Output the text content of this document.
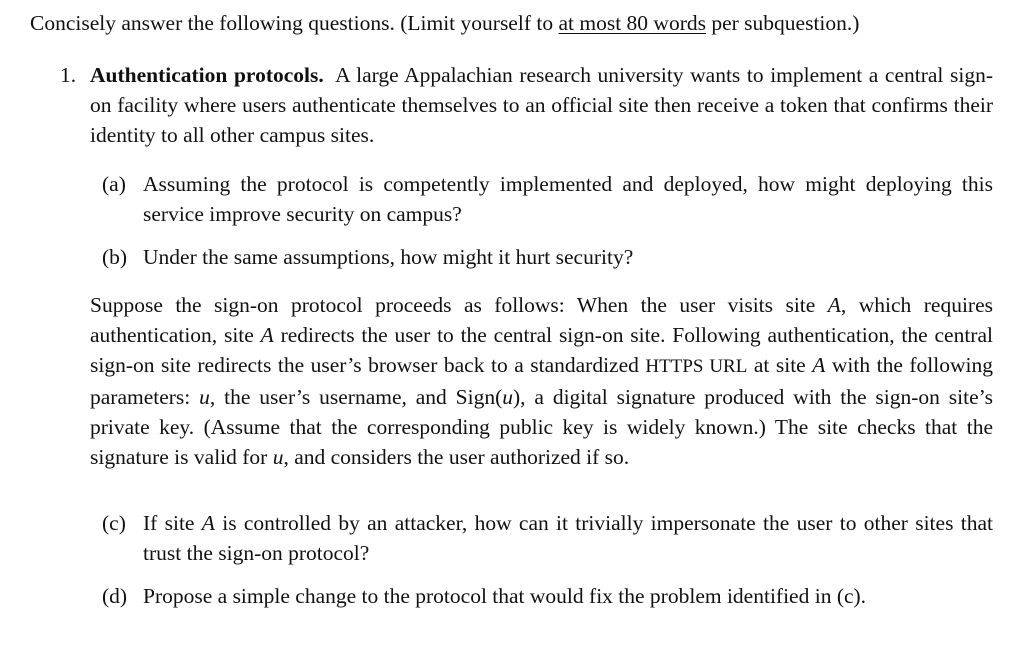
Concisely answer the following questions. (Limit yourself to at most 80 words per subquestion.)
1. Authentication protocols. A large Appalachian research university wants to implement a central sign-on facility where users authenticate themselves to an official site then receive a token that confirms their identity to all other campus sites.
(a) Assuming the protocol is competently implemented and deployed, how might deploying this service improve security on campus?
(b) Under the same assumptions, how might it hurt security?
Suppose the sign-on protocol proceeds as follows: When the user visits site A, which requires authentication, site A redirects the user to the central sign-on site. Following authentication, the central sign-on site redirects the user’s browser back to a standardized HTTPS URL at site A with the following parameters: u, the user’s username, and Sign(u), a digital signature produced with the sign-on site’s private key. (Assume that the corresponding public key is widely known.) The site checks that the signature is valid for u, and considers the user authorized if so.
(c) If site A is controlled by an attacker, how can it trivially impersonate the user to other sites that trust the sign-on protocol?
(d) Propose a simple change to the protocol that would fix the problem identified in (c).
